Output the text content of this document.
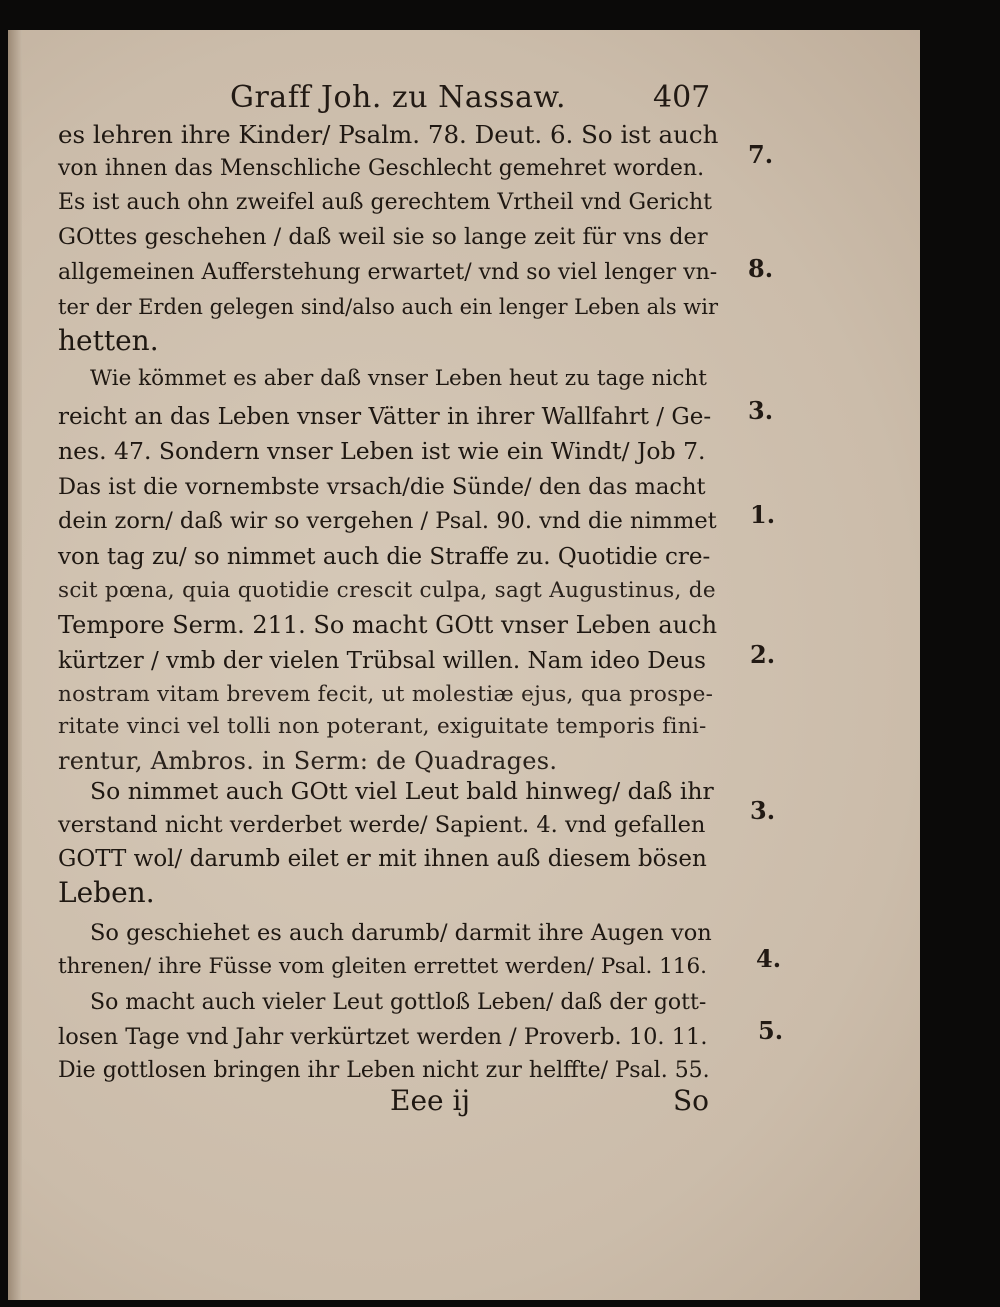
Graff Joh. zu Nassaw.	407
es lehren ihre Kinder/ Psalm. 78. Deut. 6. So ist auch
von ihnen das Menschliche Geschlecht gemehret worden.
Es ist auch ohn zweifel auß gerechtem Vrtheil vnd Gericht
GOttes geschehen / daß weil sie so lange zeit für vns der
allgemeinen Aufferstehung erwartet/ vnd so viel lenger vn-
ter der Erden gelegen sind/also auch ein lenger Leben als wir
hetten.
Wie kömmet es aber daß vnser Leben heut zu tage nicht
reicht an das Leben vnser Vätter in ihrer Wallfahrt / Ge-
nes. 47. Sondern vnser Leben ist wie ein Windt/ Job 7.
Das ist die vornembste vrsach/die Sünde/ den das macht
dein zorn/ daß wir so vergehen / Psal. 90. vnd die nimmet
von tag zu/ so nimmet auch die Straffe zu. Quotidie cre-
scit pœna, quia quotidie crescit culpa, sagt Augustinus, de
Tempore Serm. 211. So macht GOtt vnser Leben auch
kürtzer / vmb der vielen Trübsal willen. Nam ideo Deus
nostram vitam brevem fecit, ut molestiæ ejus, qua prospe-
ritate vinci vel tolli non poterant, exiguitate temporis fini-
rentur, Ambros. in Serm: de Quadrages.
So nimmet auch GOtt viel Leut bald hinweg/ daß ihr
verstand nicht verderbet werde/ Sapient. 4. vnd gefallen
GOTT wol/ darumb eilet er mit ihnen auß diesem bösen
Leben.
So geschiehet es auch darumb/ darmit ihre Augen von
threnen/ ihre Füsse vom gleiten errettet werden/ Psal. 116.
So macht auch vieler Leut gottloß Leben/ daß der gott-
losen Tage vnd Jahr verkürtzet werden / Proverb. 10. 11.
Die gottlosen bringen ihr Leben nicht zur helffte/ Psal. 55.
7.
8.
3.
1.
2.
3.
4.
5.
Eee ij	So
